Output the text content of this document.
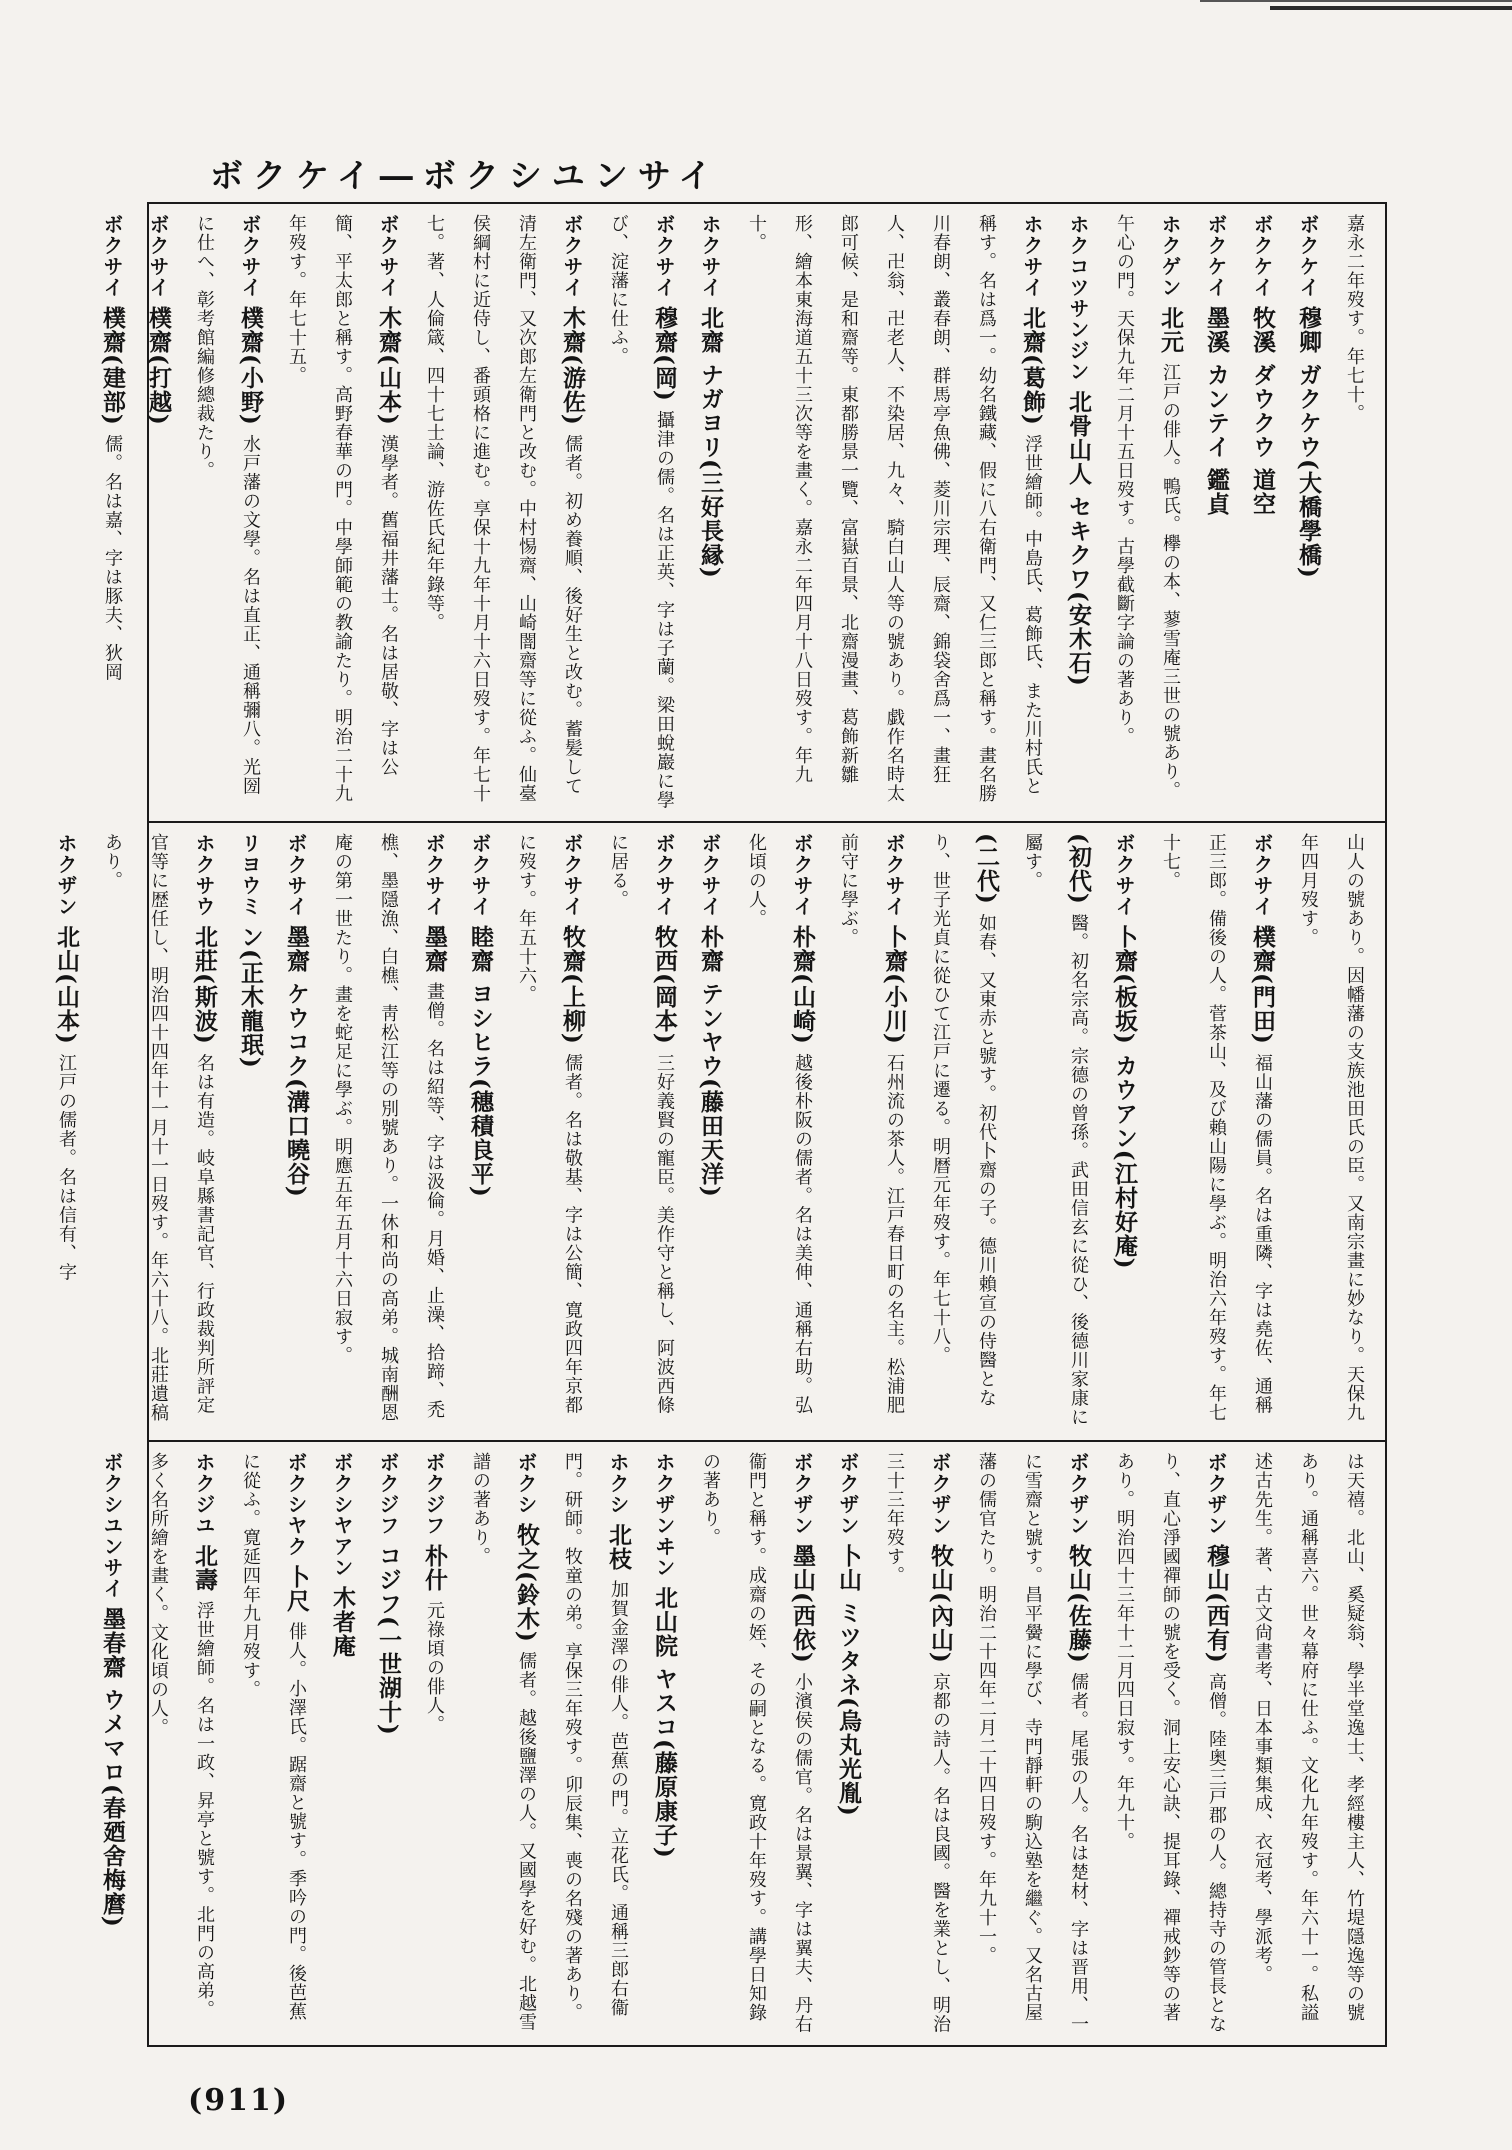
ボクケイ―ボクシユンサイ
嘉永二年歿す。年七十。
ボクケイ 穆卿 ガクケウ(大橋學橋)
ボクケイ 牧溪 ダウクウ 道空
ボクケイ 墨溪 カンテイ 鑑貞
ホクゲン 北元 江戸の俳人。鴨氏。欅の本、蓼雪庵三世の號あり。午心の門。天保九年二月十五日歿す。古學截斷字論の著あり。
ホクコツサンジン 北骨山人 セキクワ(安木石)
ホクサイ 北齋(葛飾) 浮世繪師。中島氏、葛飾氏、また川村氏と稱す。名は爲一。幼名鐵藏、假に八右衛門、又仁三郎と稱す。畫名勝川春朗、叢春朗、群馬亭魚佛、菱川宗理、辰齋、錦袋舍爲一、畫狂人、卍翁、卍老人、不染居、九々、騎白山人等の號あり。戯作名時太郎可候、是和齋等。東都勝景一覽、富嶽百景、北齋漫畫、葛飾新雛形、繪本東海道五十三次等を畫く。嘉永二年四月十八日歿す。年九十。
ホクサイ 北齋 ナガヨリ(三好長縁)
ボクサイ 穆齋(岡) 攝津の儒。名は正英、字は子蘭。梁田蛻巖に學び、淀藩に仕ふ。
ボクサイ 木齋(游佐) 儒者。初め養順、後好生と改む。蓄髪して清左衛門、又次郎左衛門と改む。中村惕齋、山崎闇齋等に從ふ。仙臺侯綱村に近侍し、番頭格に進む。享保十九年十月十六日歿す。年七十七。著、人倫箴、四十七士論、游佐氏紀年錄等。
ボクサイ 木齋(山本) 漢學者。舊福井藩士。名は居敬、字は公簡、平太郎と稱す。高野春華の門。中學師範の教諭たり。明治二十九年歿す。年七十五。
ボクサイ 樸齋(小野) 水戸藩の文學。名は直正、通稱彌八。光圀に仕へ、彰考館編修總裁たり。
ボクサイ 樸齋(打越)
ボクサイ 樸齋(建部) 儒。名は嘉、字は豚夫、狄岡
山人の號あり。因幡藩の支族池田氏の臣。又南宗畫に妙なり。天保九年四月歿す。
ボクサイ 樸齋(門田) 福山藩の儒員。名は重隣、字は堯佐、通稱正三郎。備後の人。菅茶山、及び賴山陽に學ぶ。明治六年歿す。年七十七。
ボクサイ 卜齋(板坂) カウアン(江村好庵)
(初代) 醫。初名宗高。宗德の曾孫。武田信玄に從ひ、後德川家康に屬す。
(二代) 如春、又東赤と號す。初代卜齋の子。德川賴宣の侍醫となり、世子光貞に從ひて江戸に遷る。明暦元年歿す。年七十八。
ボクサイ 卜齋(小川) 石州流の茶人。江戸春日町の名主。松浦肥前守に學ぶ。
ボクサイ 朴齋(山崎) 越後朴阪の儒者。名は美伸、通稱右助。弘化頃の人。
ボクサイ 朴齋 テンヤウ(藤田天洋)
ボクサイ 牧西(岡本) 三好義賢の寵臣。美作守と稱し、阿波西條に居る。
ボクサイ 牧齋(上柳) 儒者。名は敬基、字は公簡、寛政四年京都に歿す。年五十六。
ボクサイ 睦齋 ヨシヒラ(穗積良平)
ボクサイ 墨齋 畫僧。名は紹等、字は汲倫。月婚、止澡、拾蹄、禿樵、墨隱漁、白樵、靑松江等の別號あり。一休和尚の高弟。城南酬恩庵の第一世たり。畫を蛇足に學ぶ。明應五年五月十六日寂す。
ボクサイ 墨齋 ケウコク(溝口曉谷)
リヨウミ ン(正木龍珉)
ホクサウ 北莊(斯波) 名は有造。岐阜縣書記官、行政裁判所評定官等に歴任し、明治四十四年十一月十一日歿す。年六十八。北莊遺稿あり。
ホクザン 北山(山本) 江戸の儒者。名は信有、字
は天禧。北山、奚疑翁、學半堂逸士、孝經樓主人、竹堤隱逸等の號あり。通稱喜六。世々幕府に仕ふ。文化九年歿す。年六十一。私謚述古先生。著、古文尙書考、日本事類集成、衣冠考、學派考。
ボクザン 穆山(西有) 高僧。陸奥三戸郡の人。總持寺の管長となり、直心淨國禪師の號を受く。洞上安心訣、提耳錄、禪戒鈔等の著あり。明治四十三年十二月四日寂す。年九十。
ボクザン 牧山(佐藤) 儒者。尾張の人。名は楚材、字は晋用、一に雪齋と號す。昌平黌に學び、寺門靜軒の駒込塾を繼ぐ。又名古屋藩の儒官たり。明治二十四年二月二十四日歿す。年九十一。
ボクザン 牧山(內山) 京都の詩人。名は良國。醫を業とし、明治三十三年歿す。
ボクザン 卜山 ミツタネ(烏丸光胤)
ボクザン 墨山(西依) 小濱侯の儒官。名は景翼、字は翼夫、丹右衞門と稱す。成齋の姪、その嗣となる。寛政十年歿す。講學日知錄の著あり。
ホクザンヰン 北山院 ヤスコ(藤原康子)
ホクシ 北枝 加賀金澤の俳人。芭蕉の門。立花氏。通稱三郎右衞門。研師。牧童の弟。享保三年歿す。卯辰集、喪の名殘の著あり。
ボクシ 牧之(鈴木) 儒者。越後鹽澤の人。又國學を好む。北越雪譜の著あり。
ボクジフ 朴什 元祿頃の俳人。
ボクジフ コジフ(一世湖十)
ボクシヤアン 木者庵
ボクシヤク 卜尺 俳人。小澤氏。踞齋と號す。季吟の門。後芭蕉に從ふ。寛延四年九月歿す。
ホクジユ 北壽 浮世繪師。名は一政、昇亭と號す。北門の高弟。多く名所繪を畫く。文化頃の人。
ボクシユンサイ 墨春齋 ウメマロ(春廼舍梅麿)
(911)
